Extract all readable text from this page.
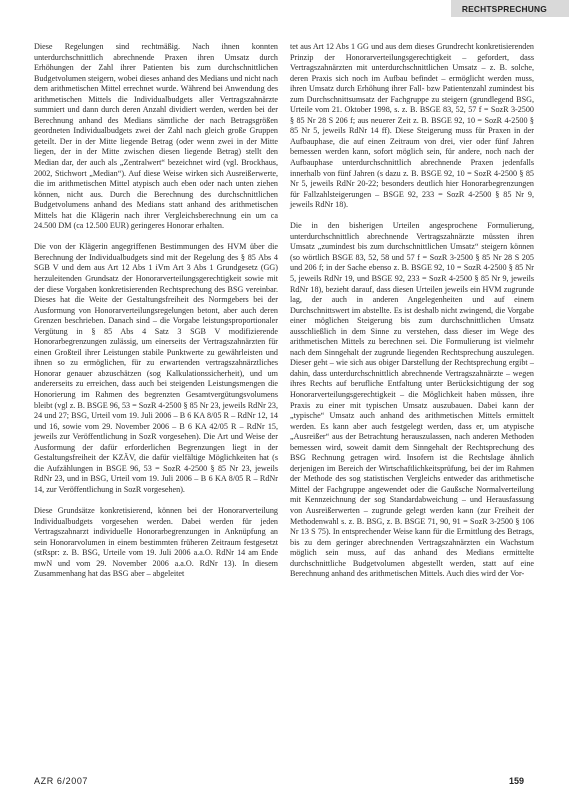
RECHTSPRECHUNG

Diese Regelungen sind rechtmäßig. Nach ihnen konnten unterdurchschnittlich abrechnende Praxen ihren Umsatz durch Erhöhungen der Zahl ihrer Patienten bis zum durchschnittlichen Budgetvolumen steigern, wobei dieses anhand des Medians und nicht nach dem arithmetischen Mittel errechnet wurde. Während bei Anwendung des arithmetischen Mittels die Individualbudgets aller Vertragszahnärzte summiert und dann durch deren Anzahl dividiert werden, werden bei der Berechnung anhand des Medians sämtliche der nach Betragsgrößen geordneten Individualbudgets zwei der Zahl nach gleich große Gruppen geteilt. Der in der Mitte liegende Betrag (oder wenn zwei in der Mitte liegen, der in der Mitte zwischen diesen liegende Betrag) stellt den Median dar, der auch als „Zentralwert“ bezeichnet wird (vgl. Brockhaus, 2002, Stichwort „Median“). Auf diese Weise wirken sich Ausreißerwerte, die im arithmetischen Mittel atypisch auch eben oder nach unten ziehen können, nicht aus. Durch die Berechnung des durchschnittlichen Budgetvolumens anhand des Medians statt anhand des arithmetischen Mittels hat die Klägerin nach ihrer Vergleichsberechnung ein um ca 24.500 DM (ca 12.500 EUR) geringeres Honorar erhalten.

Die von der Klägerin angegriffenen Bestimmungen des HVM über die Berechnung der Individualbudgets sind mit der Regelung des § 85 Abs 4 SGB V und dem aus Art 12 Abs 1 iVm Art 3 Abs 1 Grundgesetz (GG) herzuleitenden Grundsatz der Honorarverteilungsgerechtigkeit sowie mit der diese Vorgaben konkretisierenden Rechtsprechung des BSG vereinbar. Dieses hat die Weite der Gestaltungsfreiheit des Normgebers bei der Ausformung von Honorarverteilungsregelungen betont, aber auch deren Grenzen beschrieben. Danach sind – die Vorgabe leistungsproportionaler Vergütung in § 85 Abs 4 Satz 3 SGB V modifizierende Honorarbegrenzungen zulässig, um einerseits der Vertragszahnärzten für einen Großteil ihrer Leistungen stabile Punktwerte zu gewährleisten und ihnen so zu ermöglichen, für zu erwartenden vertragszahnärztliches Honorar genauer abzuschätzen (sog Kalkulationssicherheit), und um andererseits zu erreichen, dass auch bei steigenden Leistungsmengen die Honorierung im Rahmen des begrenzten Gesamtvergütungsvolumens bleibt (vgl z. B. BSGE 96, 53 = SozR 4-2500 § 85 Nr 23, jeweils RdNr 23, 24 und 27; BSG, Urteil vom 19. Juli 2006 – B 6 KA 8/05 R – RdNr 12, 14 und 16, sowie vom 29. November 2006 – B 6 KA 42/05 R – RdNr 15, jeweils zur Veröffentlichung in SozR vorgesehen). Die Art und Weise der Ausformung der dafür erforderlichen Begrenzungen liegt in der Gestaltungsfreiheit der KZÄV, die dafür vielfältige Möglichkeiten hat (s die Aufzählungen in BSGE 96, 53 = SozR 4-2500 § 85 Nr 23, jeweils RdNr 23, und in BSG, Urteil vom 19. Juli 2006 – B 6 KA 8/05 R – RdNr 14, zur Veröffentlichung in SozR vorgesehen).

Diese Grundsätze konkretisierend, können bei der Honorarverteilung Individualbudgets vorgesehen werden. Dabei werden für jeden Vertragszahnarzt individuelle Honorarbegrenzungen in Anknüpfung an sein Honorarvolumen in einem bestimmten früheren Zeitraum festgesetzt (stRspr: z. B. BSG, Urteile vom 19. Juli 2006 a.a.O. RdNr 14 am Ende mwN und vom 29. November 2006 a.a.O. RdNr 13). In diesem Zusammenhang hat das BSG aber – abgeleitet

tet aus Art 12 Abs 1 GG und aus dem dieses Grundrecht konkretisierenden Prinzip der Honorarverteilungsgerechtigkeit – gefordert, dass Vertragszahnärzten mit unterdurchschnittlichen Umsatz – z. B. solche, deren Praxis sich noch im Aufbau befindet – ermöglicht werden muss, ihren Umsatz durch Erhöhung ihrer Fall- bzw Patientenzahl zumindest bis zum Durchschnittsumsatz der Fachgruppe zu steigern (grundlegend BSG, Urteile vom 21. Oktober 1998, s. z. B. BSGE 83, 52, 57 f = SozR 3-2500 § 85 Nr 28 S 206 f; aus neuerer Zeit z. B. BSGE 92, 10 = SozR 4-2500 § 85 Nr 5, jeweils RdNr 14 ff). Diese Steigerung muss für Praxen in der Aufbauphase, die auf einen Zeitraum von drei, vier oder fünf Jahren bemessen werden kann, sofort möglich sein, für andere, noch nach der Aufbauphase unterdurchschnittlich abrechnende Praxen jedenfalls innerhalb von fünf Jahren (s dazu z. B. BSGE 92, 10 = SozR 4-2500 § 85 Nr 5, jeweils RdNr 20-22; besonders deutlich hier Honorarbegrenzungen für Fallzahlsteigerungen – BSGE 92, 233 = SozR 4-2500 § 85 Nr 9, jeweils RdNr 18).

Die in den bisherigen Urteilen angesprochene Formulierung, unterdurchschnittlich abrechnende Vertragszahnärzte müssten ihren Umsatz „zumindest bis zum durchschnittlichen Umsatz“ steigern können (so wörtlich BSGE 83, 52, 58 und 57 f = SozR 3-2500 § 85 Nr 28 S 205 und 206 f; in der Sache ebenso z. B. BSGE 92, 10 = SozR 4-2500 § 85 Nr 5, jeweils RdNr 19, und BSGE 92, 233 = SozR 4-2500 § 85 Nr 9, jeweils RdNr 18), bezieht darauf, dass diesen Urteilen jeweils ein HVM zugrunde lag, der auch in anderen Angelegenheiten und auf einem Durchschnittswert im abstellte. Es ist deshalb nicht zwingend, die Vorgabe einer möglichen Steigerung bis zum durchschnittlichen Umsatz ausschließlich in dem Sinne zu verstehen, dass dieser im Wege des arithmetischen Mittels zu berechnen sei. Die Formulierung ist vielmehr nach dem Sinngehalt der zugrunde liegenden Rechtsprechung auszulegen. Dieser geht – wie sich aus obiger Darstellung der Rechtsprechung ergibt – dahin, dass unterdurchschnittlich abrechnende Vertragszahnärzte – wegen ihres Rechts auf berufliche Entfaltung unter Berücksichtigung der sog Honorarverteilungsgerechtigkeit – die Möglichkeit haben müssen, ihre Praxis zu einer mit typischen Umsatz auszubauen. Dabei kann der „typische“ Umsatz auch anhand des arithmetischen Mittels ermittelt werden. Es kann aber auch festgelegt werden, dass er, um atypische „Ausreißer“ aus der Betrachtung herauszulassen, nach anderen Methoden bemessen wird, soweit damit dem Sinngehalt der Rechtsprechung des BSG Rechnung getragen wird. Insofern ist die Rechtslage ähnlich derjenigen im Bereich der Wirtschaftlichkeitsprüfung, bei der im Rahmen der Methode des sog statistischen Vergleichs entweder das arithmetische Mittel der Fachgruppe angewendet oder die Gaußsche Normalverteilung mit Kennzeichnung der sog Standardabweichung – und Herausfassung von Ausreißerwerten – zugrunde gelegt werden kann (zur Freiheit der Methodenwahl s. z. B. BSG, z. B. BSGE 71, 90, 91 = SozR 3-2500 § 106 Nr 13 S 75). In entsprechender Weise kann für die Ermittlung des Betrags, bis zu dem geringer abrechnenden Vertragszahnärzten ein Wachstum möglich sein muss, auf das anhand des Medians ermittelte durchschnittliche Budgetvolumen abgestellt werden, statt auf eine Berechnung anhand des arithmetischen Mittels. Auch dies wird der Vor-

AZR 6/2007	159
